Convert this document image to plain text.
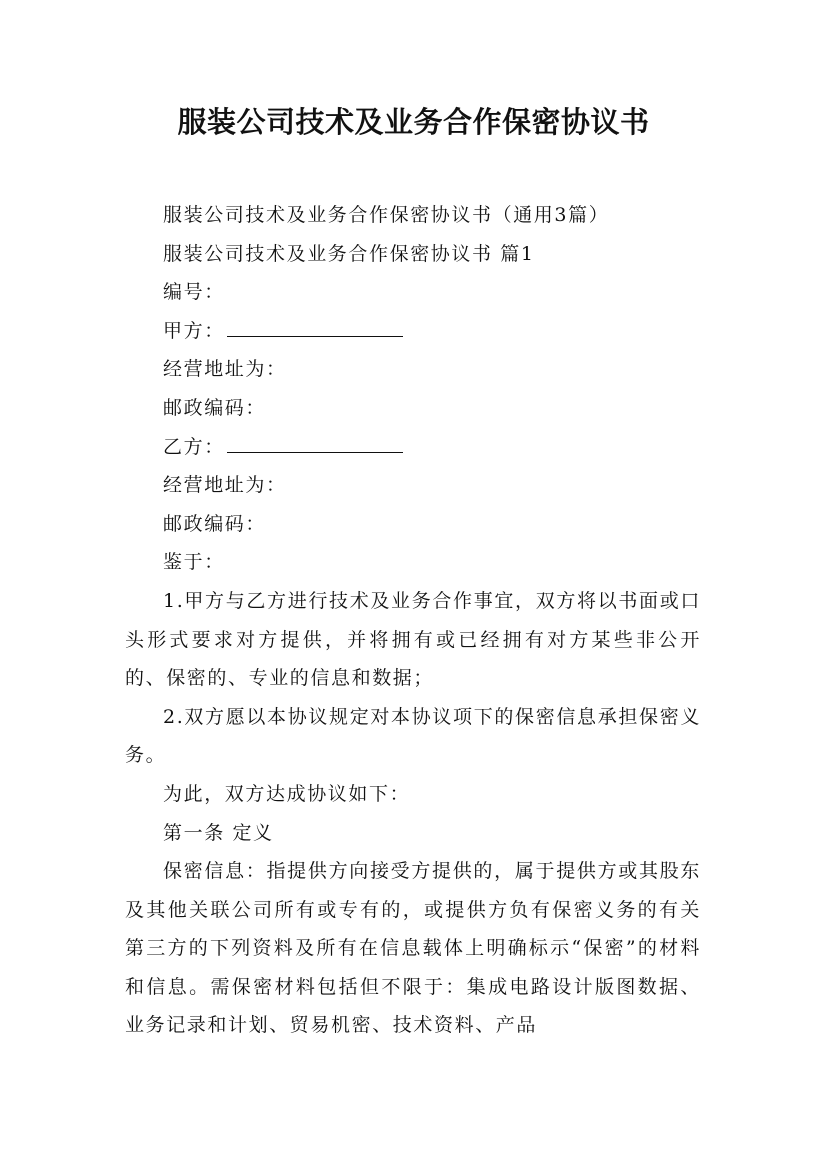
服装公司技术及业务合作保密协议书

服装公司技术及业务合作保密协议书（通用3篇）

服装公司技术及业务合作保密协议书 篇1

编号：

甲方：

经营地址为：

邮政编码：

乙方：

经营地址为：

邮政编码：

鉴于：

1.甲方与乙方进行技术及业务合作事宜，双方将以书面或口头形式要求对方提供，并将拥有或已经拥有对方某些非公开的、保密的、专业的信息和数据；

2.双方愿以本协议规定对本协议项下的保密信息承担保密义务。

为此，双方达成协议如下：

第一条 定义

保密信息：指提供方向接受方提供的，属于提供方或其股东及其他关联公司所有或专有的，或提供方负有保密义务的有关第三方的下列资料及所有在信息载体上明确标示“保密”的材料和信息。需保密材料包括但不限于：集成电路设计版图数据、业务记录和计划、贸易机密、技术资料、产品
